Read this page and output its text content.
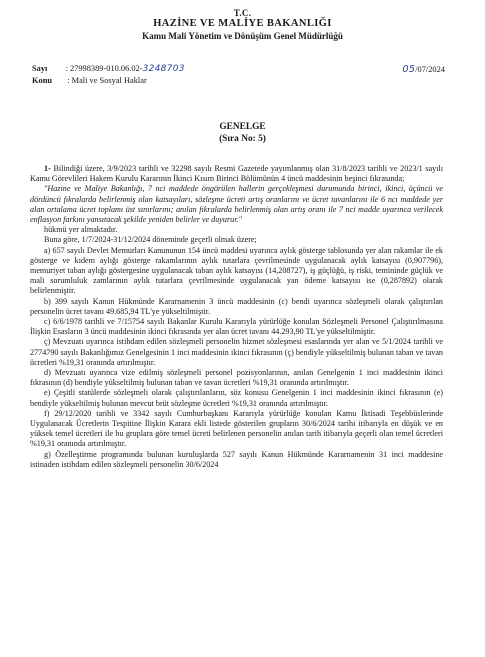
T.C.
HAZİNE VE MALİYE BAKANLIĞI
Kamu Mali Yönetim ve Dönüşüm Genel Müdürlüğü
Sayı : 27998389-010.06.02-3248703
Konu : Mali ve Sosyal Haklar
05/07/2024
GENELGE
(Sıra No: 5)

1- Bilindiği üzere, 3/9/2023 tarihli ve 32298 sayılı Resmi Gazetede yayımlanmış olan 31/8/2023 tarihli ve 2023/1 sayılı Kamu Görevlileri Hakem Kurulu Kararının İkinci Kısım Birinci Bölümünün 4 üncü maddesinin beşinci fıkrasında;

"Hazine ve Maliye Bakanlığı, 7 nci maddede öngörülen hallerin gerçekleşmesi durumunda birinci, ikinci, üçüncü ve dördüncü fıkralarda belirlenmiş olan katsayıları, sözleşme ücreti artış oranlarını ve ücret tavanlarını ile 6 ncı maddede yer alan ortalama ücret toplamı üst sınırlarını; anılan fıkralarda belirlenmiş olan artış oranı ile 7 nci madde uyarınca verilecek enflasyon farkını yansıtacak şekilde yeniden belirler ve duyurur."

hükmü yer almaktadır.

Buna göre, 1/7/2024-31/12/2024 döneminde geçerli olmak üzere;

a) 657 sayılı Devlet Memurları Kanununun 154 üncü maddesi uyarınca aylık gösterge tablosunda yer alan rakamlar ile ek gösterge ve kıdem aylığı gösterge rakamlarının aylık tutarlara çevrilmesinde uygulanacak aylık katsayısı (0,907796), memuriyet taban aylığı göstergesine uygulanacak taban aylık katsayısı (14,208727), iş güçlüğü, iş riski, temininde güçlük ve mali sorumluluk zamlarının aylık tutarlara çevrilmesinde uygulanacak yan ödeme katsayısı ise (0,287892) olarak belirlenmiştir.

b) 399 sayılı Kanun Hükmünde Kararnamenin 3 üncü maddesinin (c) bendi uyarınca sözleşmeli olarak çalıştırılan personelin ücret tavanı 49.685,94 TL'ye yükseltilmiştir.

c) 6/6/1978 tarihli ve 7/15754 sayılı Bakanlar Kurulu Kararıyla yürürlüğe konulan Sözleşmeli Personel Çalıştırılmasına İlişkin Esasların 3 üncü maddesinin ikinci fıkrasında yer alan ücret tavanı 44.293,90 TL'ye yükseltilmiştir.

ç) Mevzuatı uyarınca istihdam edilen sözleşmeli personelin hizmet sözleşmesi esaslarında yer alan ve 5/1/2024 tarihli ve 2774790 sayılı Bakanlığımız Genelgesinin 1 inci maddesinin ikinci fıkrasının (ç) bendiyle yükseltilmiş bulunan taban ve tavan ücretleri %19,31 oranında artırılmıştır.

d) Mevzuatı uyarınca vize edilmiş sözleşmeli personel pozisyonlarının, anılan Genelgenin 1 inci maddesinin ikinci fıkrasının (d) bendiyle yükseltilmiş bulunan taban ve tavan ücretleri %19,31 oranında artırılmıştır.

e) Çeşitli statülerde sözleşmeli olarak çalıştırılanların, söz konusu Genelgenin 1 inci maddesinin ikinci fıkrasının (e) bendiyle yükseltilmiş bulunan mevcut brüt sözleşme ücretleri %19,31 oranında artırılmıştır.

f) 29/12/2020 tarihli ve 3342 sayılı Cumhurbaşkanı Kararıyla yürürlüğe konulan Kamu İktisadi Teşebbüslerinde Uygulanacak Ücretlerin Tespitine İlişkin Karara ekli listede gösterilen grupların 30/6/2024 tarihi itibarıyla en düşük ve en yüksek temel ücretleri ile bu gruplara göre temel ücreti belirlenen personelin anılan tarih itibarıyla geçerli olan temel ücretleri %19,31 oranında artırılmıştır.

g) Özelleştirme programında bulunan kuruluşlarda 527 sayılı Kanun Hükmünde Kararnamenin 31 inci maddesine istinaden istihdam edilen sözleşmeli personelin 30/6/2024
